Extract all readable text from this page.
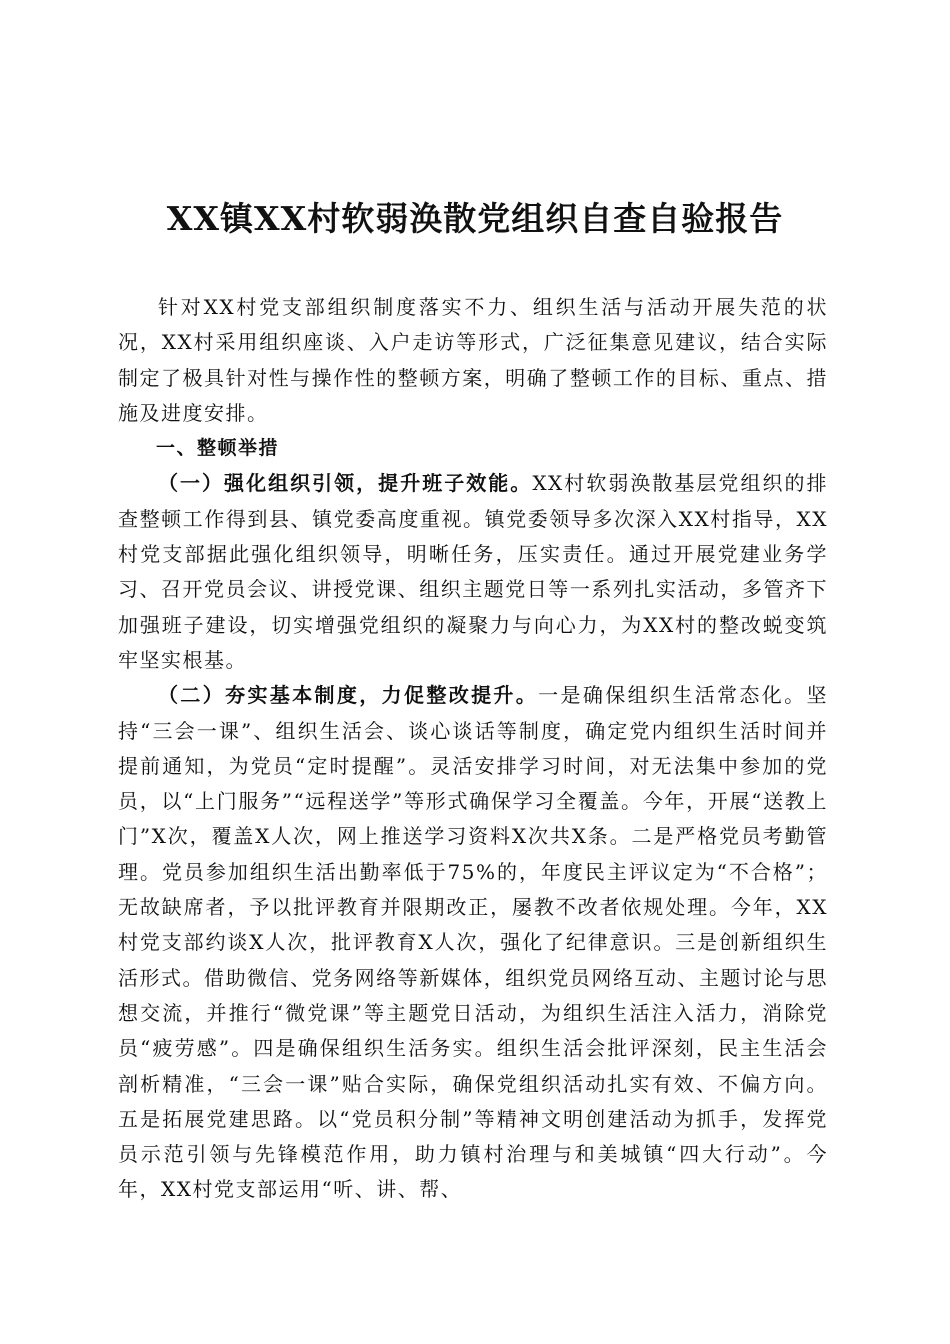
XX镇XX村软弱涣散党组织自查自验报告

针对XX村党支部组织制度落实不力、组织生活与活动开展失范的状况，XX村采用组织座谈、入户走访等形式，广泛征集意见建议，结合实际制定了极具针对性与操作性的整顿方案，明确了整顿工作的目标、重点、措施及进度安排。

一、整顿举措

（一）强化组织引领，提升班子效能。XX村软弱涣散基层党组织的排查整顿工作得到县、镇党委高度重视。镇党委领导多次深入XX村指导，XX村党支部据此强化组织领导，明晰任务，压实责任。通过开展党建业务学习、召开党员会议、讲授党课、组织主题党日等一系列扎实活动，多管齐下加强班子建设，切实增强党组织的凝聚力与向心力，为XX村的整改蜕变筑牢坚实根基。

（二）夯实基本制度，力促整改提升。一是确保组织生活常态化。坚持“三会一课”、组织生活会、谈心谈话等制度，确定党内组织生活时间并提前通知，为党员“定时提醒”。灵活安排学习时间，对无法集中参加的党员，以“上门服务”“远程送学”等形式确保学习全覆盖。今年，开展“送教上门”X次，覆盖X人次，网上推送学习资料X次共X条。二是严格党员考勤管理。党员参加组织生活出勤率低于75%的，年度民主评议定为“不合格”；无故缺席者，予以批评教育并限期改正，屡教不改者依规处理。今年，XX村党支部约谈X人次，批评教育X人次，强化了纪律意识。三是创新组织生活形式。借助微信、党务网络等新媒体，组织党员网络互动、主题讨论与思想交流，并推行“微党课”等主题党日活动，为组织生活注入活力，消除党员“疲劳感”。四是确保组织生活务实。组织生活会批评深刻，民主生活会剖析精准，“三会一课”贴合实际，确保党组织活动扎实有效、不偏方向。五是拓展党建思路。以“党员积分制”等精神文明创建活动为抓手，发挥党员示范引领与先锋模范作用，助力镇村治理与和美城镇“四大行动”。今年，XX村党支部运用“听、讲、帮、
